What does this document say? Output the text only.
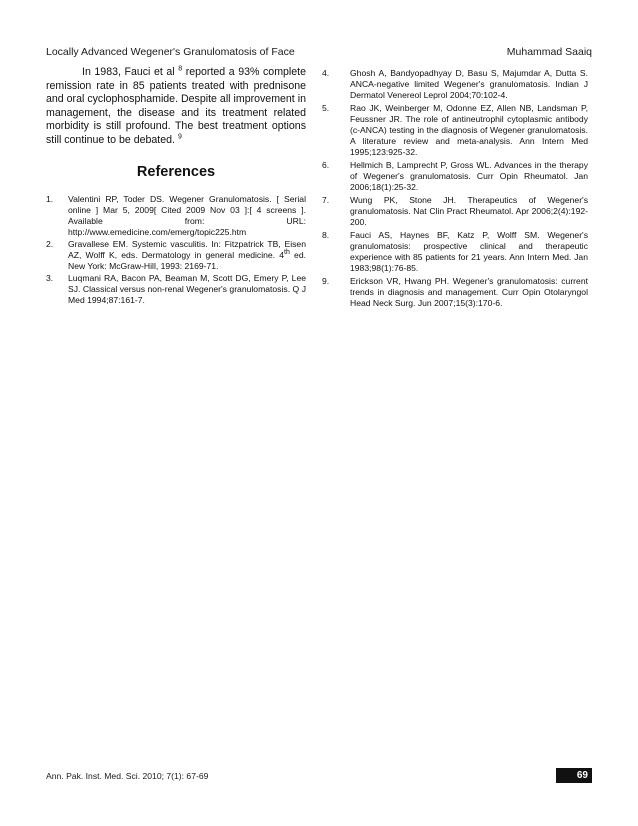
Locally Advanced Wegener's Granulomatosis of Face	Muhammad Saaiq

In 1983, Fauci et al $^8$ reported a 93% complete remission rate in 85 patients treated with prednisone and oral cyclophosphamide. Despite all improvement in management, the disease and its treatment related morbidity is still profound. The best treatment options still continue to be debated. $^9$

References
1.	Valentini RP, Toder DS. Wegener Granulomatosis. [ Serial online ] Mar 5, 2009[ Cited 2009 Nov 03 ]:[ 4 screens ]. Available from: URL: http://www.emedicine.com/emerg/topic225.htm
2.	Gravallese EM. Systemic vasculitis. In: Fitzpatrick TB, Eisen AZ, Wolff K, eds. Dermatology in general medicine. 4th ed. New York: McGraw-Hill, 1993: 2169-71.
3.	Luqmani RA, Bacon PA, Beaman M, Scott DG, Emery P, Lee SJ. Classical versus non-renal Wegener's granulomatosis. Q J Med 1994;87:161-7.
4.	Ghosh A, Bandyopadhyay D, Basu S, Majumdar A, Dutta S. ANCA-negative limited Wegener's granulomatosis. Indian J Dermatol Venereol Leprol 2004;70:102-4.
5.	Rao JK, Weinberger M, Odonne EZ, Allen NB, Landsman P, Feussner JR. The role of antineutrophil cytoplasmic antibody (c-ANCA) testing in the diagnosis of Wegener granulomatosis. A literature review and meta-analysis. Ann Intern Med 1995;123:925-32.
6.	Hellmich B, Lamprecht P, Gross WL. Advances in the therapy of Wegener's granulomatosis. Curr Opin Rheumatol. Jan 2006;18(1):25-32.
7.	Wung PK, Stone JH. Therapeutics of Wegener's granulomatosis. Nat Clin Pract Rheumatol. Apr 2006;2(4):192-200.
8.	Fauci AS, Haynes BF, Katz P, Wolff SM. Wegener's granulomatosis: prospective clinical and therapeutic experience with 85 patients for 21 years. Ann Intern Med. Jan 1983;98(1):76-85.
9.	Erickson VR, Hwang PH. Wegener's granulomatosis: current trends in diagnosis and management. Curr Opin Otolaryngol Head Neck Surg. Jun 2007;15(3):170-6.
Ann. Pak. Inst. Med. Sci. 2010; 7(1): 67-69	69
